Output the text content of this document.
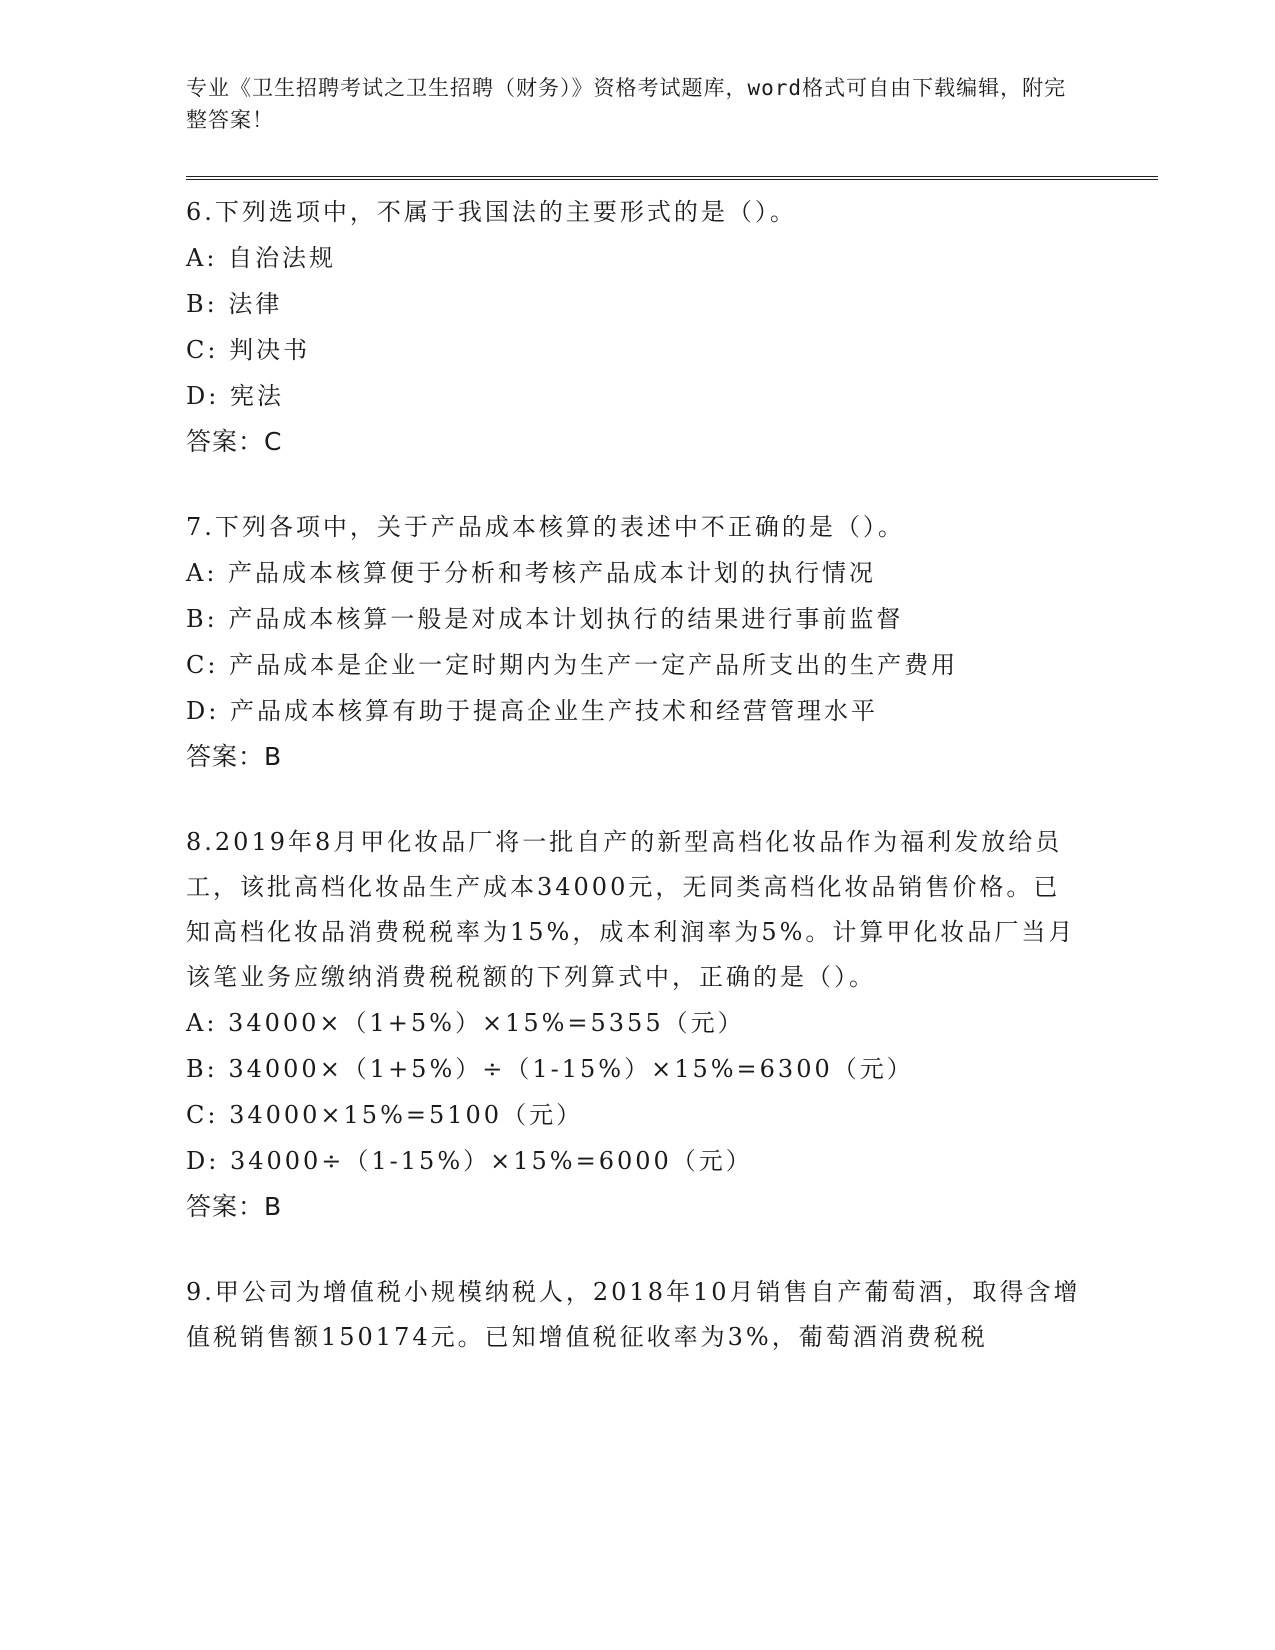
专业《卫生招聘考试之卫生招聘（财务）》资格考试题库，word格式可自由下载编辑，附完整答案！
6.下列选项中，不属于我国法的主要形式的是（）。
A: 自治法规
B: 法律
C: 判决书
D: 宪法
答案：C
7.下列各项中，关于产品成本核算的表述中不正确的是（）。
A: 产品成本核算便于分析和考核产品成本计划的执行情况
B: 产品成本核算一般是对成本计划执行的结果进行事前监督
C: 产品成本是企业一定时期内为生产一定产品所支出的生产费用
D: 产品成本核算有助于提高企业生产技术和经营管理水平
答案：B
8.2019年8月甲化妆品厂将一批自产的新型高档化妆品作为福利发放给员工，该批高档化妆品生产成本34000元，无同类高档化妆品销售价格。已知高档化妆品消费税税率为15%，成本利润率为5%。计算甲化妆品厂当月该笔业务应缴纳消费税税额的下列算式中，正确的是（）。
A: 34000×（1+5%）×15%=5355（元）
B: 34000×（1+5%）÷（1-15%）×15%=6300（元）
C: 34000×15%=5100（元）
D: 34000÷（1-15%）×15%=6000（元）
答案：B
9.甲公司为增值税小规模纳税人，2018年10月销售自产葡萄酒，取得含增值税销售额150174元。已知增值税征收率为3%，葡萄酒消费税税
